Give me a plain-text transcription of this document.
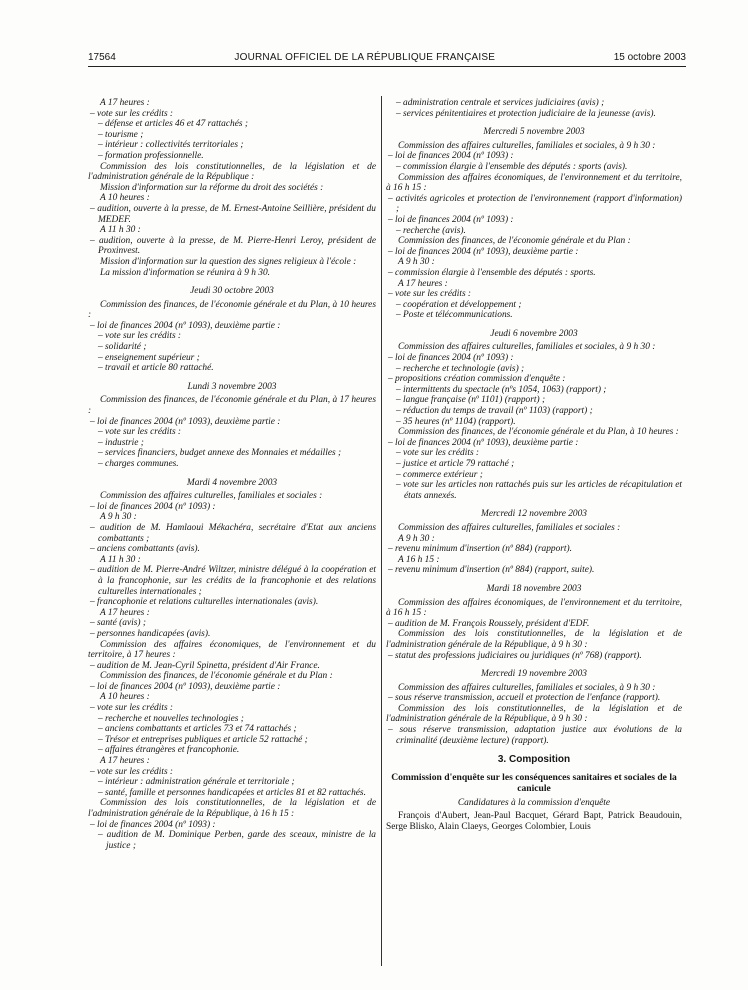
17564	JOURNAL OFFICIEL DE LA RÉPUBLIQUE FRANÇAISE	15 octobre 2003

A 17 heures :

– vote sur les crédits :

– défense et articles 46 et 47 rattachés ;

– tourisme ;

– intérieur : collectivités territoriales ;

– formation professionnelle.

Commission des lois constitutionnelles, de la législation et de l'administration générale de la République :

Mission d'information sur la réforme du droit des sociétés :

A 10 heures :

– audition, ouverte à la presse, de M. Ernest-Antoine Seillière, président du MEDEF.

A 11 h 30 :

– audition, ouverte à la presse, de M. Pierre-Henri Leroy, président de Proxinvest.

Mission d'information sur la question des signes religieux à l'école :

La mission d'information se réunira à 9 h 30.

Jeudi 30 octobre 2003

Commission des finances, de l'économie générale et du Plan, à 10 heures :

– loi de finances 2004 (nº 1093), deuxième partie :

– vote sur les crédits :

– solidarité ;

– enseignement supérieur ;

– travail et article 80 rattaché.

Lundi 3 novembre 2003

Commission des finances, de l'économie générale et du Plan, à 17 heures :

– loi de finances 2004 (nº 1093), deuxième partie :

– vote sur les crédits :

– industrie ;

– services financiers, budget annexe des Monnaies et médailles ;

– charges communes.

Mardi 4 novembre 2003

Commission des affaires culturelles, familiales et sociales :

– loi de finances 2004 (nº 1093) :

A 9 h 30 :

– audition de M. Hamlaoui Mékachéra, secrétaire d'Etat aux anciens combattants ;

– anciens combattants (avis).

A 11 h 30 :

– audition de M. Pierre-André Wiltzer, ministre délégué à la coopération et à la francophonie, sur les crédits de la francophonie et des relations culturelles internationales ;

– francophonie et relations culturelles internationales (avis).

A 17 heures :

– santé (avis) ;

– personnes handicapées (avis).

Commission des affaires économiques, de l'environnement et du territoire, à 17 heures :

– audition de M. Jean-Cyril Spinetta, président d'Air France.

Commission des finances, de l'économie générale et du Plan :

– loi de finances 2004 (nº 1093), deuxième partie :

A 10 heures :

– vote sur les crédits :

– recherche et nouvelles technologies ;

– anciens combattants et articles 73 et 74 rattachés ;

– Trésor et entreprises publiques et article 52 rattaché ;

– affaires étrangères et francophonie.

A 17 heures :

– vote sur les crédits :

– intérieur : administration générale et territoriale ;

– santé, famille et personnes handicapées et articles 81 et 82 rattachés.

Commission des lois constitutionnelles, de la législation et de l'administration générale de la République, à 16 h 15 :

– loi de finances 2004 (nº 1093) :

– audition de M. Dominique Perben, garde des sceaux, ministre de la justice ;

– administration centrale et services judiciaires (avis) ;

– services pénitentiaires et protection judiciaire de la jeunesse (avis).

Mercredi 5 novembre 2003

Commission des affaires culturelles, familiales et sociales, à 9 h 30 :

– loi de finances 2004 (nº 1093) :

– commission élargie à l'ensemble des députés : sports (avis).

Commission des affaires économiques, de l'environnement et du territoire, à 16 h 15 :

– activités agricoles et protection de l'environnement (rapport d'information) ;

– loi de finances 2004 (nº 1093) :

– recherche (avis).

Commission des finances, de l'économie générale et du Plan :

– loi de finances 2004 (nº 1093), deuxième partie :

A 9 h 30 :

– commission élargie à l'ensemble des députés : sports.

A 17 heures :

– vote sur les crédits :

– coopération et développement ;

– Poste et télécommunications.

Jeudi 6 novembre 2003

Commission des affaires culturelles, familiales et sociales, à 9 h 30 :

– loi de finances 2004 (nº 1093) :

– recherche et technologie (avis) ;

– propositions création commission d'enquête :

– intermittents du spectacle (nºs 1054, 1063) (rapport) ;

– langue française (nº 1101) (rapport) ;

– réduction du temps de travail (nº 1103) (rapport) ;

– 35 heures (nº 1104) (rapport).

Commission des finances, de l'économie générale et du Plan, à 10 heures :

– loi de finances 2004 (nº 1093), deuxième partie :

– vote sur les crédits :

– justice et article 79 rattaché ;

– commerce extérieur ;

– vote sur les articles non rattachés puis sur les articles de récapitulation et états annexés.

Mercredi 12 novembre 2003

Commission des affaires culturelles, familiales et sociales :

A 9 h 30 :

– revenu minimum d'insertion (nº 884) (rapport).

A 16 h 15 :

– revenu minimum d'insertion (nº 884) (rapport, suite).

Mardi 18 novembre 2003

Commission des affaires économiques, de l'environnement et du territoire, à 16 h 15 :

– audition de M. François Roussely, président d'EDF.

Commission des lois constitutionnelles, de la législation et de l'administration générale de la République, à 9 h 30 :

– statut des professions judiciaires ou juridiques (nº 768) (rapport).

Mercredi 19 novembre 2003

Commission des affaires culturelles, familiales et sociales, à 9 h 30 :

– sous réserve transmission, accueil et protection de l'enfance (rapport).

Commission des lois constitutionnelles, de la législation et de l'administration générale de la République, à 9 h 30 :

– sous réserve transmission, adaptation justice aux évolutions de la criminalité (deuxième lecture) (rapport).

3. Composition
Commission d'enquête sur les conséquences sanitaires et sociales de la canicule
Candidatures à la commission d'enquête
François d'Aubert, Jean-Paul Bacquet, Gérard Bapt, Patrick Beaudouin, Serge Blisko, Alain Claeys, Georges Colombier, Louis
